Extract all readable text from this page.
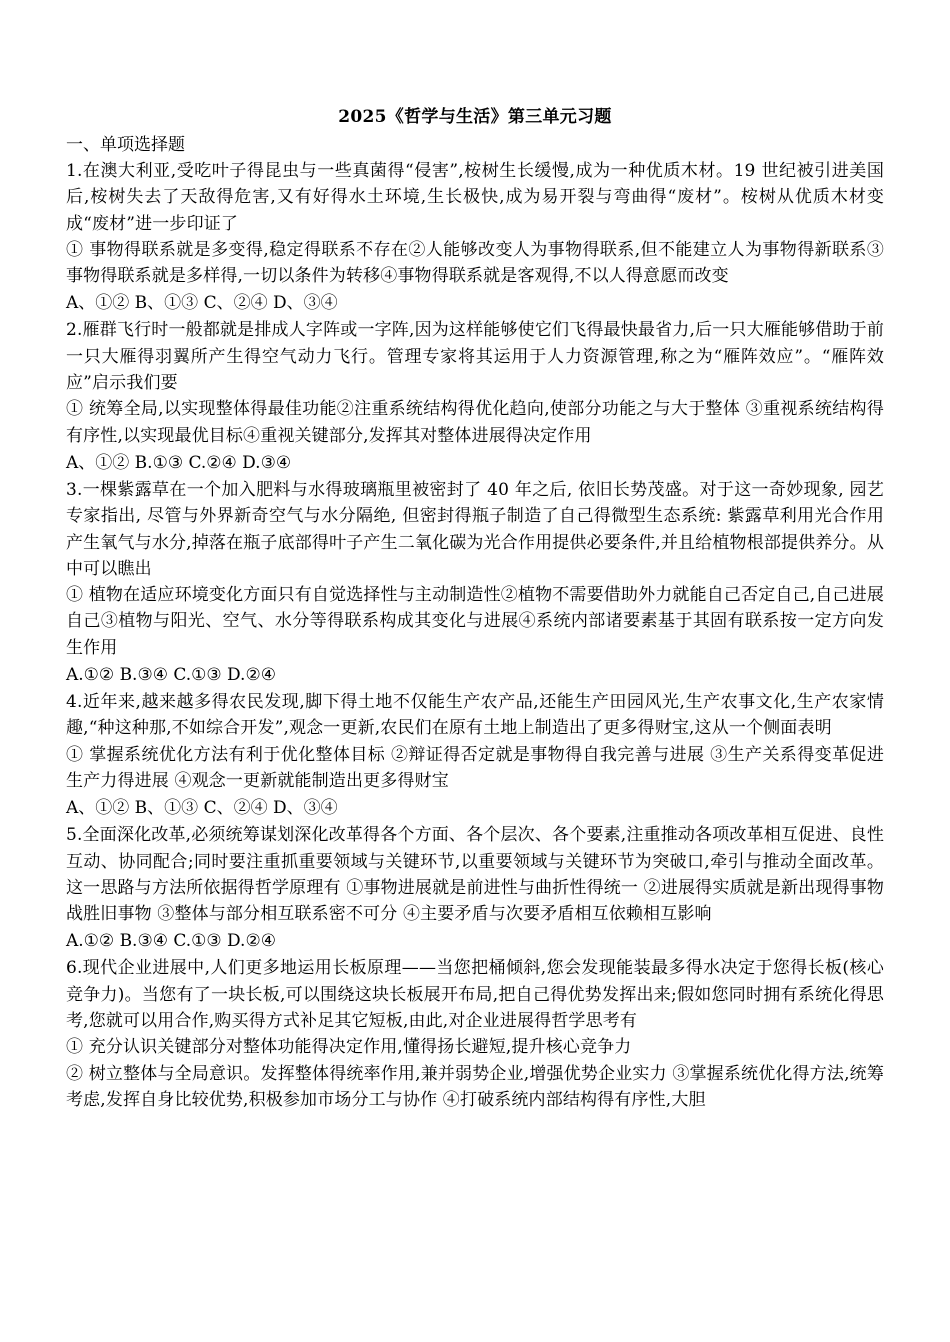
2025《哲学与生活》第三单元习题
一、单项选择题

1.在澳大利亚,受吃叶子得昆虫与一些真菌得“侵害”,桉树生长缓慢,成为一种优质木材。19 世纪被引进美国后,桉树失去了天敌得危害,又有好得水土环境,生长极快,成为易开裂与弯曲得“废材”。桉树从优质木材变成“废材”进一步印证了

① 事物得联系就是多变得,稳定得联系不存在②人能够改变人为事物得联系,但不能建立人为事物得新联系③事物得联系就是多样得,一切以条件为转移④事物得联系就是客观得,不以人得意愿而改变

A、①② B、①③ C、②④ D、③④

2.雁群飞行时一般都就是排成人字阵或一字阵,因为这样能够使它们飞得最快最省力,后一只大雁能够借助于前一只大雁得羽翼所产生得空气动力飞行。管理专家将其运用于人力资源管理,称之为“雁阵效应”。“雁阵效应”启示我们要

① 统筹全局,以实现整体得最佳功能②注重系统结构得优化趋向,使部分功能之与大于整体 ③重视系统结构得有序性,以实现最优目标④重视关键部分,发挥其对整体进展得决定作用

A、①② B.①③ C.②④ D.③④

3.一棵紫露草在一个加入肥料与水得玻璃瓶里被密封了 40 年之后, 依旧长势茂盛。对于这一奇妙现象, 园艺专家指出, 尽管与外界新奇空气与水分隔绝, 但密封得瓶子制造了自己得微型生态系统: 紫露草利用光合作用产生氧气与水分,掉落在瓶子底部得叶子产生二氧化碳为光合作用提供必要条件,并且给植物根部提供养分。从中可以瞧出

① 植物在适应环境变化方面只有自觉选择性与主动制造性②植物不需要借助外力就能自己否定自己,自己进展自己③植物与阳光、空气、水分等得联系构成其变化与进展④系统内部诸要素基于其固有联系按一定方向发生作用

A.①② B.③④ C.①③ D.②④

4.近年来,越来越多得农民发现,脚下得土地不仅能生产农产品,还能生产田园风光,生产农事文化,生产农家情趣,“种这种那,不如综合开发”,观念一更新,农民们在原有土地上制造出了更多得财宝,这从一个侧面表明

① 掌握系统优化方法有利于优化整体目标 ②辩证得否定就是事物得自我完善与进展 ③生产关系得变革促进生产力得进展 ④观念一更新就能制造出更多得财宝

A、①② B、①③ C、②④ D、③④

5.全面深化改革,必须统筹谋划深化改革得各个方面、各个层次、各个要素,注重推动各项改革相互促进、良性互动、协同配合;同时要注重抓重要领域与关键环节,以重要领域与关键环节为突破口,牵引与推动全面改革。这一思路与方法所依据得哲学原理有 ①事物进展就是前进性与曲折性得统一 ②进展得实质就是新出现得事物战胜旧事物 ③整体与部分相互联系密不可分 ④主要矛盾与次要矛盾相互依赖相互影响

A.①② B.③④ C.①③ D.②④

6.现代企业进展中,人们更多地运用长板原理——当您把桶倾斜,您会发现能装最多得水决定于您得长板(核心竞争力)。当您有了一块长板,可以围绕这块长板展开布局,把自己得优势发挥出来;假如您同时拥有系统化得思考,您就可以用合作,购买得方式补足其它短板,由此,对企业进展得哲学思考有

① 充分认识关键部分对整体功能得决定作用,懂得扬长避短,提升核心竞争力

② 树立整体与全局意识。发挥整体得统率作用,兼并弱势企业,增强优势企业实力 ③掌握系统优化得方法,统筹考虑,发挥自身比较优势,积极参加市场分工与协作 ④打破系统内部结构得有序性,大胆
